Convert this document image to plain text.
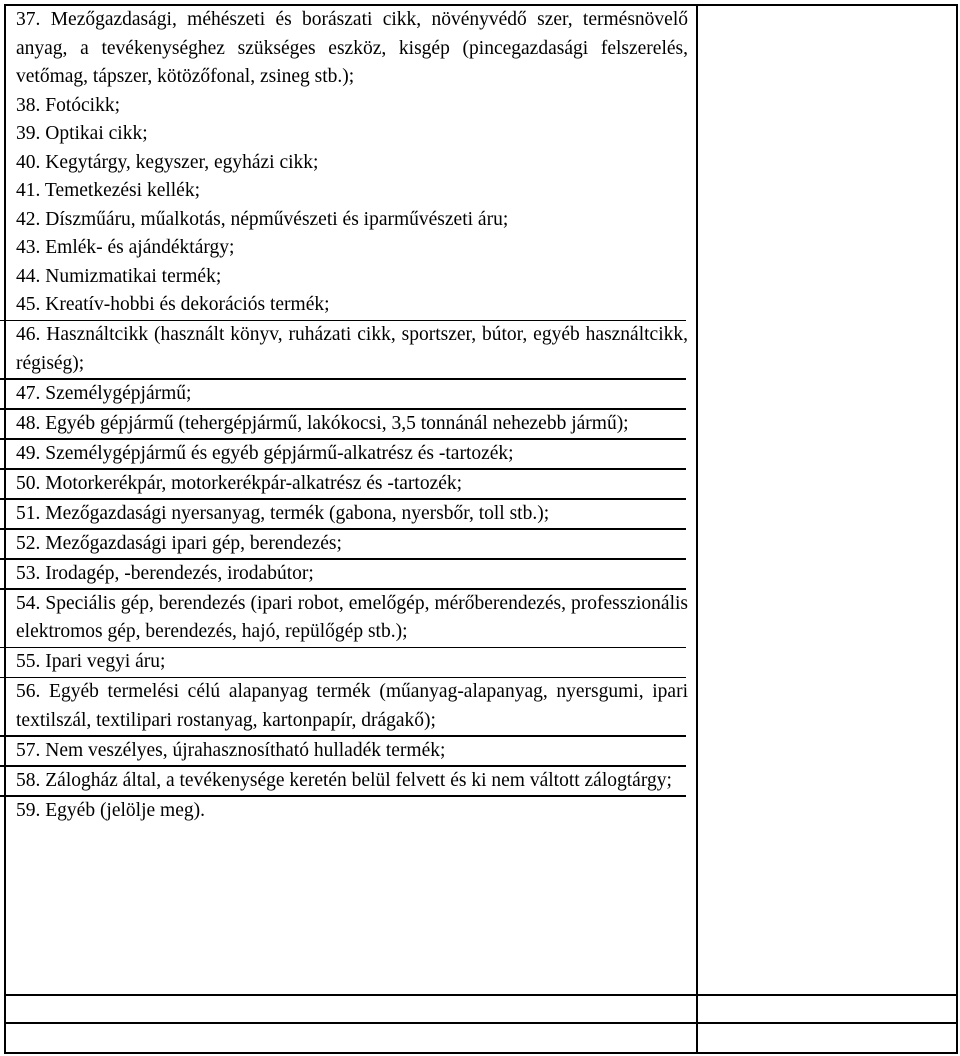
37. Mezőgazdasági, méhészeti és borászati cikk, növényvédő szer, termésnövelő anyag, a tevékenységhez szükséges eszköz, kisgép (pincegazdasági felszerelés, vetőmag, tápszer, kötözőfonal, zsineg stb.);
38. Fotócikk;
39. Optikai cikk;
40. Kegytárgy, kegyszer, egyházi cikk;
41. Temetkezési kellék;
42. Díszműáru, műalkotás, népművészeti és iparművészeti áru;
43. Emlék- és ajándéktárgy;
44. Numizmatikai termék;
45. Kreatív-hobbi és dekorációs termék;
46. Használtcikk (használt könyv, ruházati cikk, sportszer, bútor, egyéb használtcikk, régiség);
47. Személygépjármű;
48. Egyéb gépjármű (tehergépjármű, lakókocsi, 3,5 tonnánál nehezebb jármű);
49. Személygépjármű és egyéb gépjármű-alkatrész és -tartozék;
50. Motorkerékpár, motorkerékpár-alkatrész és -tartozék;
51. Mezőgazdasági nyersanyag, termék (gabona, nyersbőr, toll stb.);
52. Mezőgazdasági ipari gép, berendezés;
53. Irodagép, -berendezés, irodabútor;
54. Speciális gép, berendezés (ipari robot, emelőgép, mérőberendezés, professzionális elektromos gép, berendezés, hajó, repülőgép stb.);
55. Ipari vegyi áru;
56. Egyéb termelési célú alapanyag termék (műanyag-alapanyag, nyersgumi, ipari textilszál, textilipari rostanyag, kartonpapír, drágakő);
57. Nem veszélyes, újrahasznosítható hulladék termék;
58. Zálogház által, a tevékenysége keretén belül felvett és ki nem váltott zálogtárgy;
59. Egyéb (jelölje meg).
